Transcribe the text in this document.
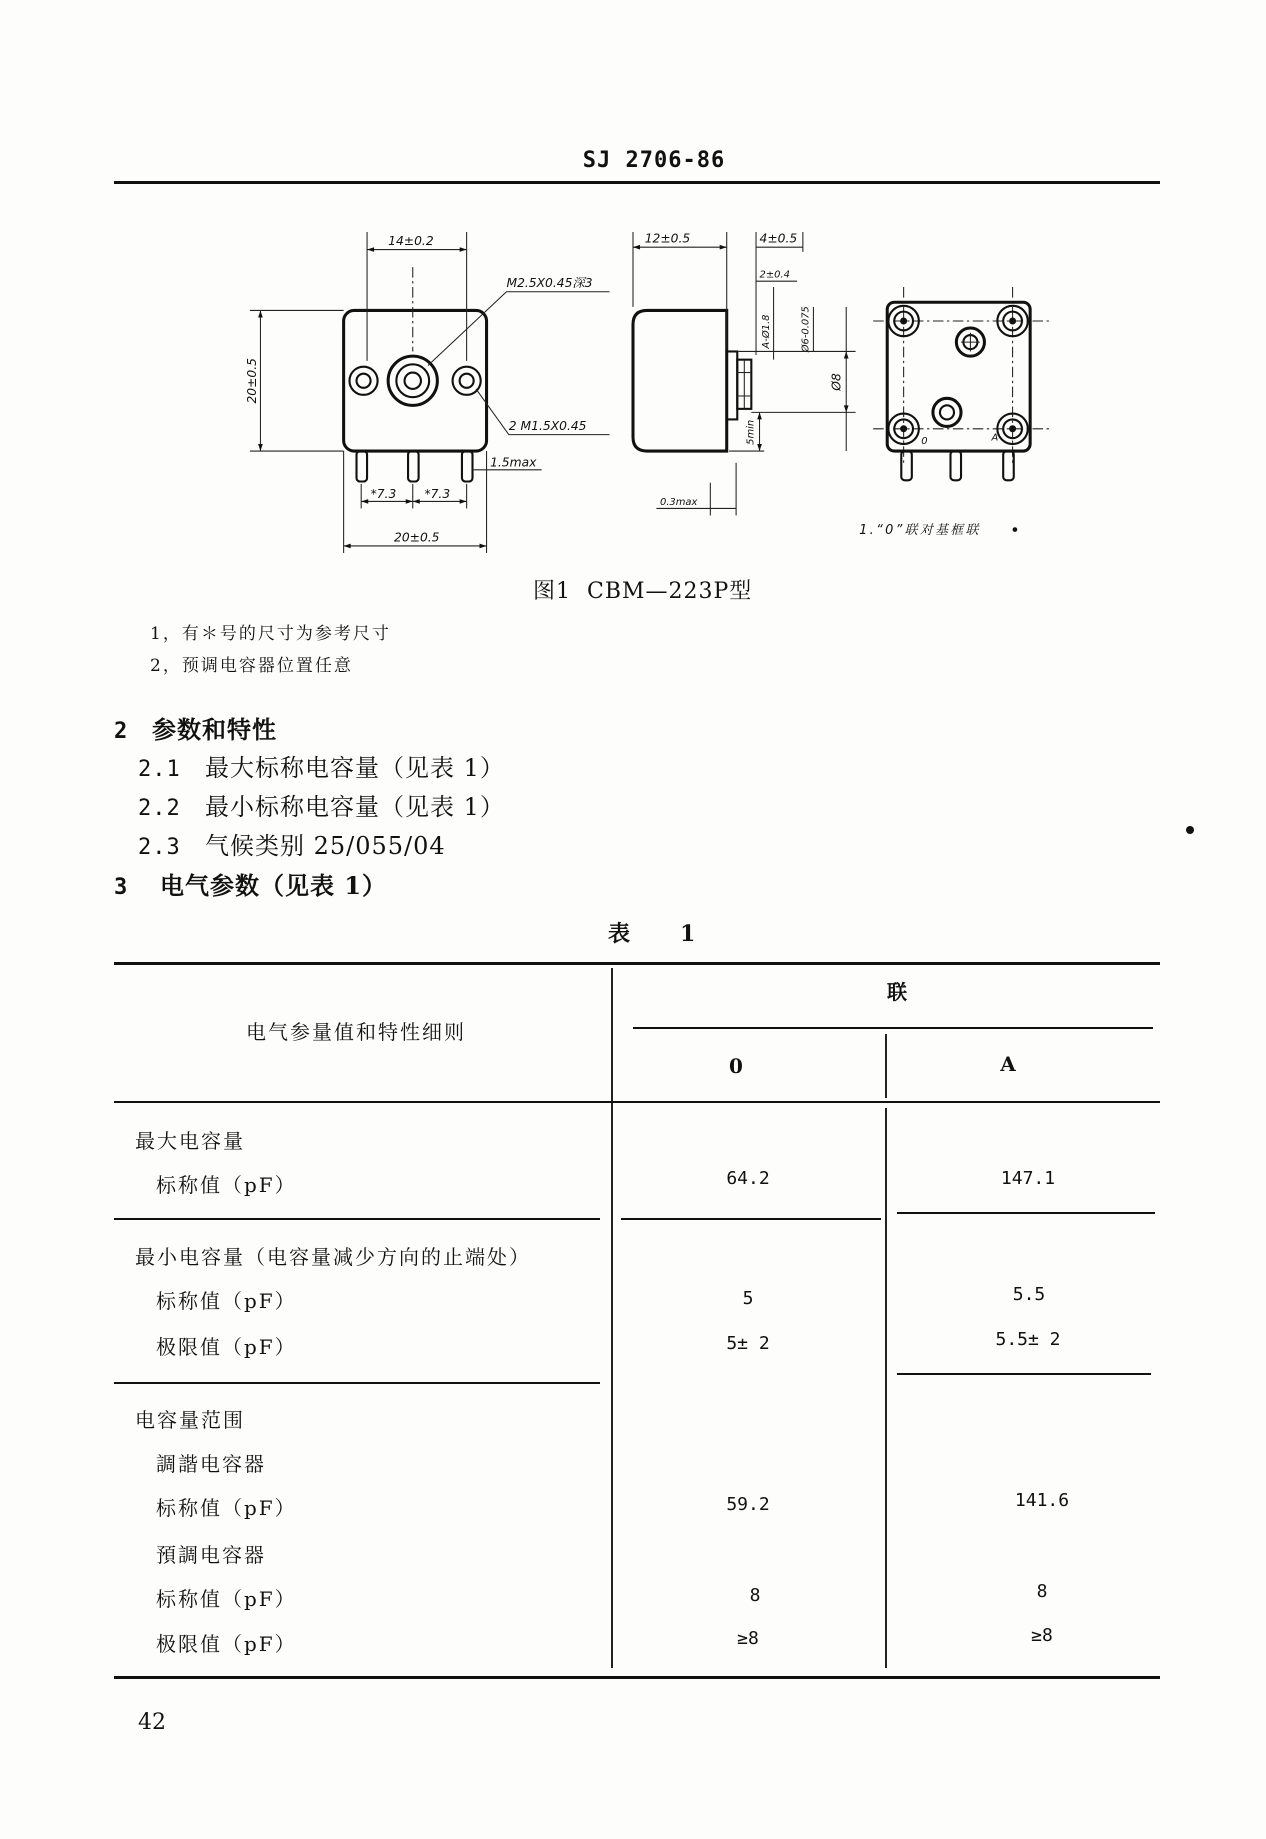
SJ 2706-86
14±0.2
20±0.5
20±0.5
*7.3	*7.3
1.5max
M2.5X0.45深3
2 M1.5X0.45
12±0.5	4±0.5
2±0.4
A-Ø1.8	Ø6-0.075
Ø8
5min
0.3max
0	A
1.“0”联对基框联
图1  CBM—223P型
1，有＊号的尺寸为参考尺寸
2，预调电容器位置任意
2 参数和特性
2.1 最大标称电容量（见表 1）
2.2 最小标称电容量（见表 1）
2.3 气候类别 25/055/04
3 电气参数（见表 1）
表 1
联
电气参量值和特性细则
0	A
最大电容量
标称值（pF）	64.2	147.1
最小电容量（电容量减少方向的止端处）
标称值（pF）	5	5.5
极限值（pF）	5± 2	5.5± 2
电容量范围
調諧电容器
标称值（pF）	59.2	141.6
預調电容器
标称值（pF）	8	8
极限值（pF）	≥8	≥8
42
